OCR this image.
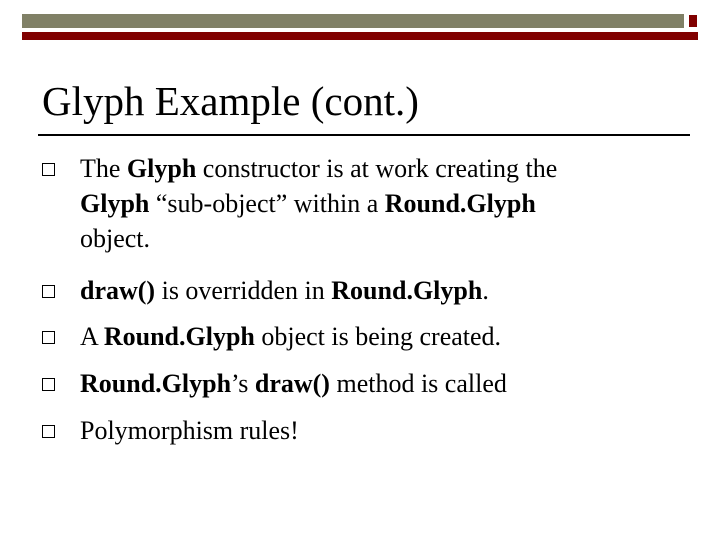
Glyph Example (cont.)
The Glyph constructor is at work creating the
Glyph “sub-object” within a Round.Glyph
object.
draw() is overridden in Round.Glyph.
A Round.Glyph object is being created.
Round.Glyph’s draw() method is called
Polymorphism rules!
